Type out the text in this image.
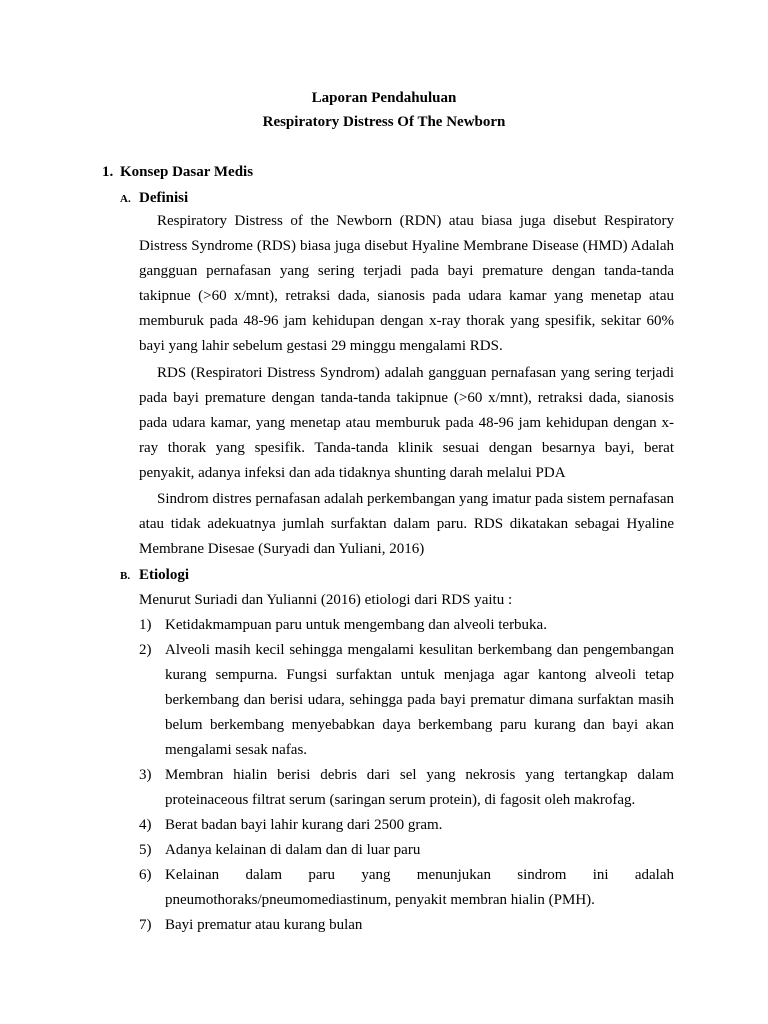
Laporan Pendahuluan
Respiratory Distress Of The Newborn
1. Konsep Dasar Medis
A. Definisi

Respiratory Distress of the Newborn (RDN) atau biasa juga disebut Respiratory Distress Syndrome (RDS) biasa juga disebut Hyaline Membrane Disease (HMD) Adalah gangguan pernafasan yang sering terjadi pada bayi premature dengan tanda-tanda takipnue (>60 x/mnt), retraksi dada, sianosis pada udara kamar yang menetap atau memburuk pada 48-96 jam kehidupan dengan x-ray thorak yang spesifik, sekitar 60% bayi yang lahir sebelum gestasi 29 minggu mengalami RDS.

RDS (Respiratori Distress Syndrom) adalah gangguan pernafasan yang sering terjadi pada bayi premature dengan tanda-tanda takipnue (>60 x/mnt), retraksi dada, sianosis pada udara kamar, yang menetap atau memburuk pada 48-96 jam kehidupan dengan x-ray thorak yang spesifik. Tanda-tanda klinik sesuai dengan besarnya bayi, berat penyakit, adanya infeksi dan ada tidaknya shunting darah melalui PDA

Sindrom distres pernafasan adalah perkembangan yang imatur pada sistem pernafasan atau tidak adekuatnya jumlah surfaktan dalam paru. RDS dikatakan sebagai Hyaline Membrane Disesae (Suryadi dan Yuliani, 2016)

B. Etiologi

Menurut Suriadi dan Yulianni (2016) etiologi dari RDS yaitu :

1) Ketidakmampuan paru untuk mengembang dan alveoli terbuka.
2) Alveoli masih kecil sehingga mengalami kesulitan berkembang dan pengembangan kurang sempurna. Fungsi surfaktan untuk menjaga agar kantong alveoli tetap berkembang dan berisi udara, sehingga pada bayi prematur dimana surfaktan masih belum berkembang menyebabkan daya berkembang paru kurang dan bayi akan mengalami sesak nafas.
3) Membran hialin berisi debris dari sel yang nekrosis yang tertangkap dalam proteinaceous filtrat serum (saringan serum protein), di fagosit oleh makrofag.
4) Berat badan bayi lahir kurang dari 2500 gram.
5) Adanya kelainan di dalam dan di luar paru
6) Kelainan dalam paru yang menunjukan sindrom ini adalah pneumothoraks/pneumomediastinum, penyakit membran hialin (PMH).
7) Bayi prematur atau kurang bulan
